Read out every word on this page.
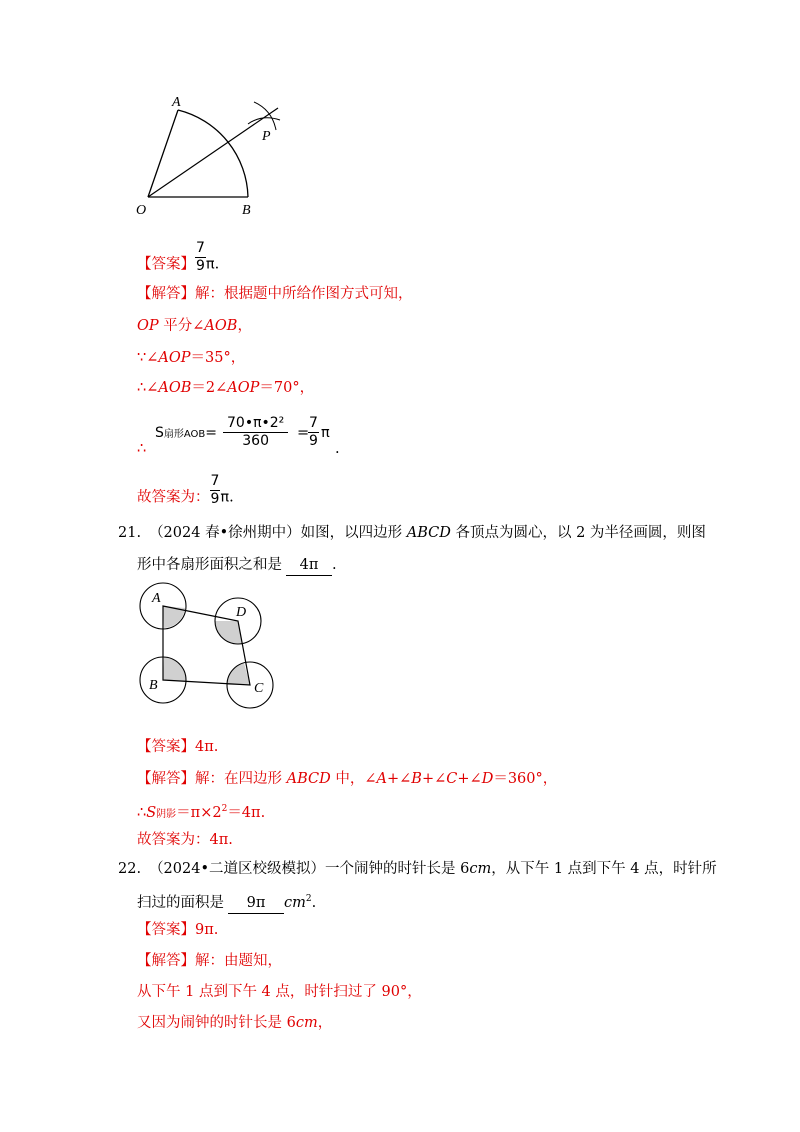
A
O	B
P
【答案】 $\frac{7}{9} \pi$.
【解答】解：根据题中所给作图方式可知，
OP 平分∠AOB，
∵∠AOP＝35°，
∴∠AOB＝2∠AOP＝70°，
∴
S扇形$AOB= \frac{\text{70•π•2²}}{360}$ =
$\frac{7}{9}$ π
.
故答案为： $\frac{7}{9} \pi$.
21. （2024 春•徐州期中）如图，以四边形 ABCD 各顶点为圆心，以 2 为半径画圆，则图
形中各扇形面积之和是 4π .
A
D
B	C
【答案】4π.
【解答】解：在四边形 ABCD 中，∠A+∠B+∠C+∠D＝360°，
∴S阴影$=\pi\times 2^2=4\pi$.
故答案为：4π.
22. （2024•二道区校级模拟）一个闹钟的时针长是 6cm，从下午 1 点到下午 4 点，时针所
扫过的面积是 9π $cm^2$.
【答案】9π.
【解答】解：由题知，
从下午 1 点到下午 4 点，时针扫过了 90°，
又因为闹钟的时针长是 6cm，
